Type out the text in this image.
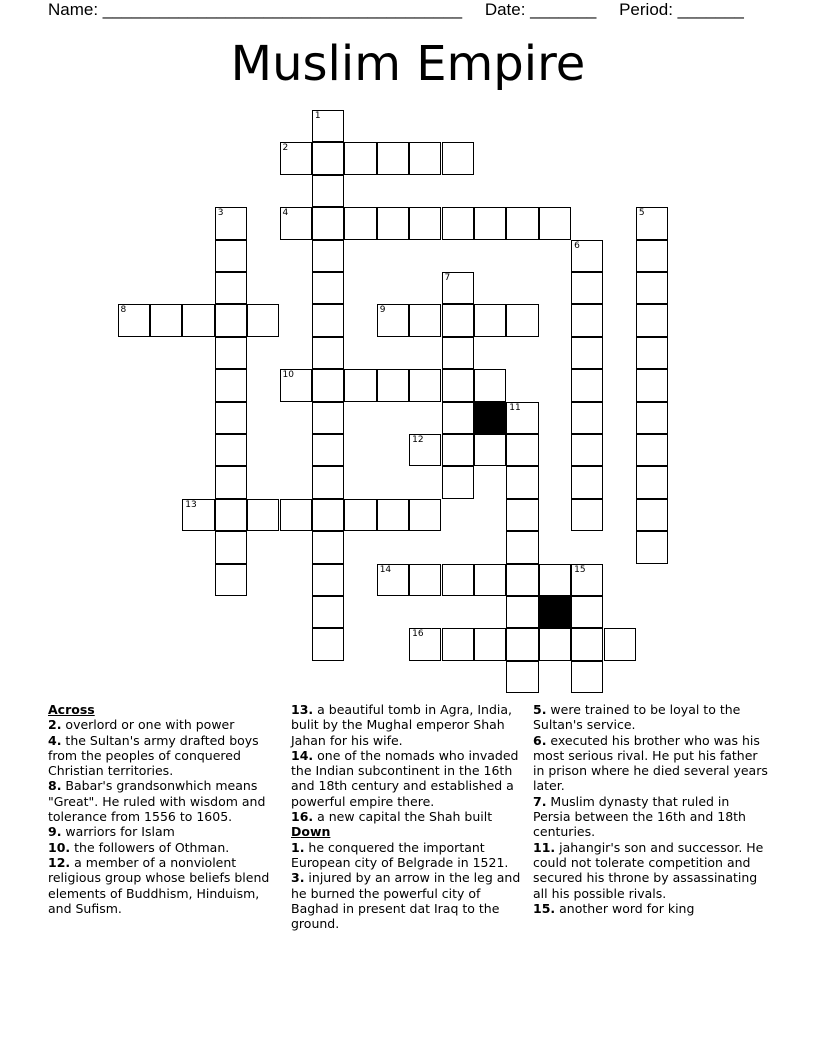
Name: ______________________________________ Date: _______ Period: _______
Muslim Empire
1
2
4
3	5
6
7
8	9
10
11
12
13
14	15
16

Across

2. overlord or one with power

4. the Sultan's army drafted boys from the peoples of conquered Christian territories.

8. Babar's grandsonwhich means "Great". He ruled with wisdom and tolerance from 1556 to 1605.

9. warriors for Islam

10. the followers of Othman.

12. a member of a nonviolent religious group whose beliefs blend elements of Buddhism, Hinduism, and Sufism.

13. a beautiful tomb in Agra, India, bulit by the Mughal emperor Shah Jahan for his wife.

14. one of the nomads who invaded the Indian subcontinent in the 16th and 18th century and established a powerful empire there.

16. a new capital the Shah built

Down

1. he conquered the important European city of Belgrade in 1521.

3. injured by an arrow in the leg and he burned the powerful city of Baghad in present dat Iraq to the ground.

5. were trained to be loyal to the Sultan's service.

6. executed his brother who was his most serious rival. He put his father in prison where he died several years later.

7. Muslim dynasty that ruled in Persia between the 16th and 18th centuries.

11. jahangir's son and successor. He could not tolerate competition and secured his throne by assassinating all his possible rivals.

15. another word for king
